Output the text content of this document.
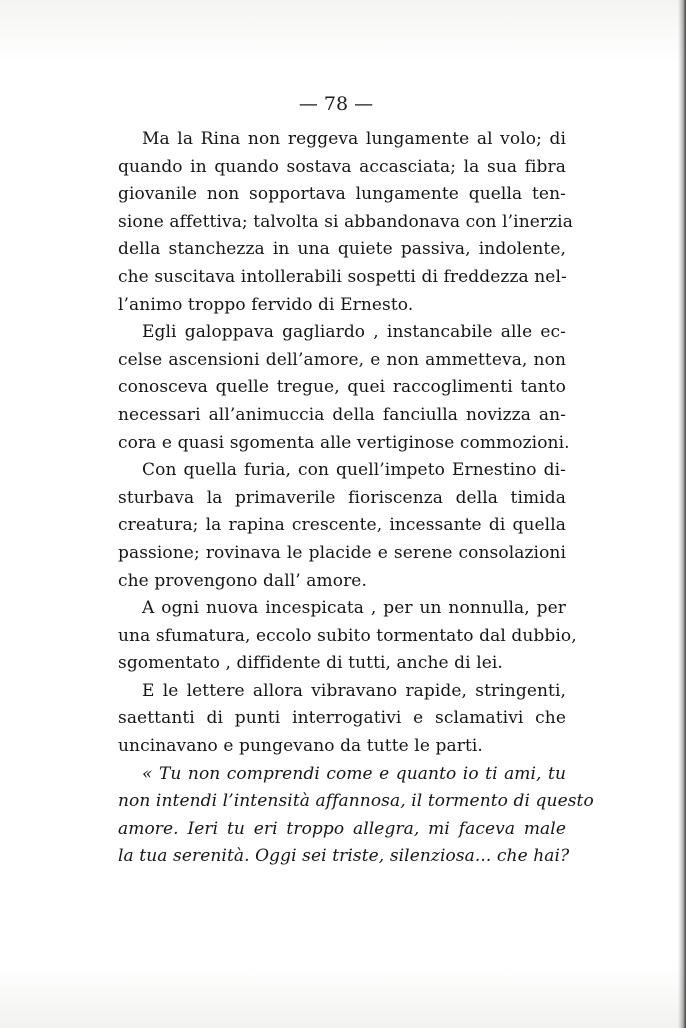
— 78 —
Ma la Rina non reggeva lungamente al volo; di
quando in quando sostava accasciata; la sua fibra
giovanile non sopportava lungamente quella ten-
sione affettiva; talvolta si abbandonava con l’inerzia
della stanchezza in una quiete passiva, indolente,
che suscitava intollerabili sospetti di freddezza nel-
l’animo troppo fervido di Ernesto.
Egli galoppava gagliardo , instancabile alle ec-
celse ascensioni dell’amore, e non ammetteva, non
conosceva quelle tregue, quei raccoglimenti tanto
necessari all’animuccia della fanciulla novizza an-
cora e quasi sgomenta alle vertiginose commozioni.
Con quella furia, con quell’impeto Ernestino di-
sturbava la primaverile fioriscenza della timida
creatura; la rapina crescente, incessante di quella
passione; rovinava le placide e serene consolazioni
che provengono dall’ amore.
A ogni nuova incespicata , per un nonnulla, per
una sfumatura, eccolo subito tormentato dal dubbio,
sgomentato , diffidente di tutti, anche di lei.
E le lettere allora vibravano rapide, stringenti,
saettanti di punti interrogativi e sclamativi che
uncinavano e pungevano da tutte le parti.
« Tu non comprendi come e quanto io ti ami, tu
non intendi l’intensità affannosa, il tormento di questo
amore. Ieri tu eri troppo allegra, mi faceva male
la tua serenità. Oggi sei triste, silenziosa... che hai?
